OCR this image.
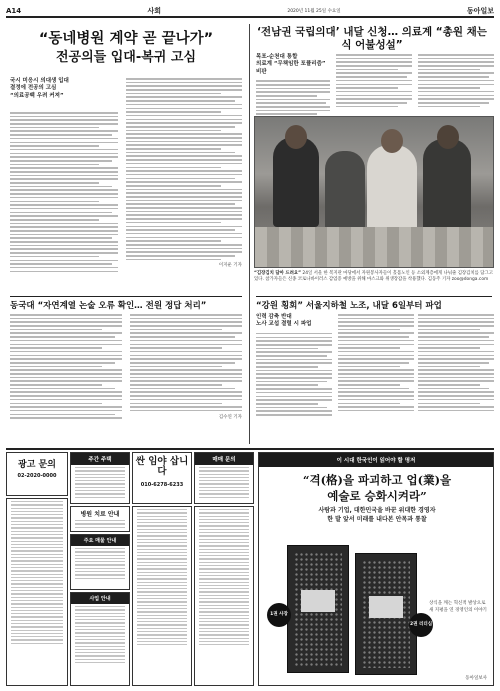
A14	사회	2020년 11월 25일 수요일	동아일보
“동네병원 계약 곧 끝나가”
전공의들 입대-복귀 고심
국시 미응시 의대생 입대
결정에 전공의 고심
“의료공백 우려 커져”
이지운 기자
‘전남권 국립의대’ 내달 신청… 의료계 “총원 채는 식 어불성설”
목포-순천대 통합
의료계 “무책임한 포퓰리즘” 비판
“김장김치 담아 드려요” 24일 서울 한 복지관 마당에서 자원봉사자들이 홀몸노인 등 소외계층에게 나눠줄 김장김치를 담그고 있다. 참가자들은 신종 코로나바이러스 감염증 예방을 위해 마스크와 위생장갑을 착용했다. 김동주 기자 zoo@donga.com
동국대 “자연계열 논술 오류 확인… 전원 정답 처리”
김수연 기자
“강원 횡회” 서울지하철 노조, 내달 6일부터 파업
인력 감축 반대
노사 교섭 결렬 시 파업
광고 문의
02-2020-0000
주간 주택
병원 치료 안내
주요 매물 안내
사업 안내
싼 임야 삽니다
010-6278-6233
매매 문의	이 시대 한국인이 읽어야 할 명저
“격(格)을 파괴하고 업(業)을
예술로 승화시켜라”
사람과 기업, 대한민국을 바꾼 위대한 경영자
한 발 앞서 미래를 내다본 안목과 통찰
1권 사장
2권 리더십
상식을 깨는 혁신적 발상으로 새 지평을 연 경영인의 이야기
동아일보사
